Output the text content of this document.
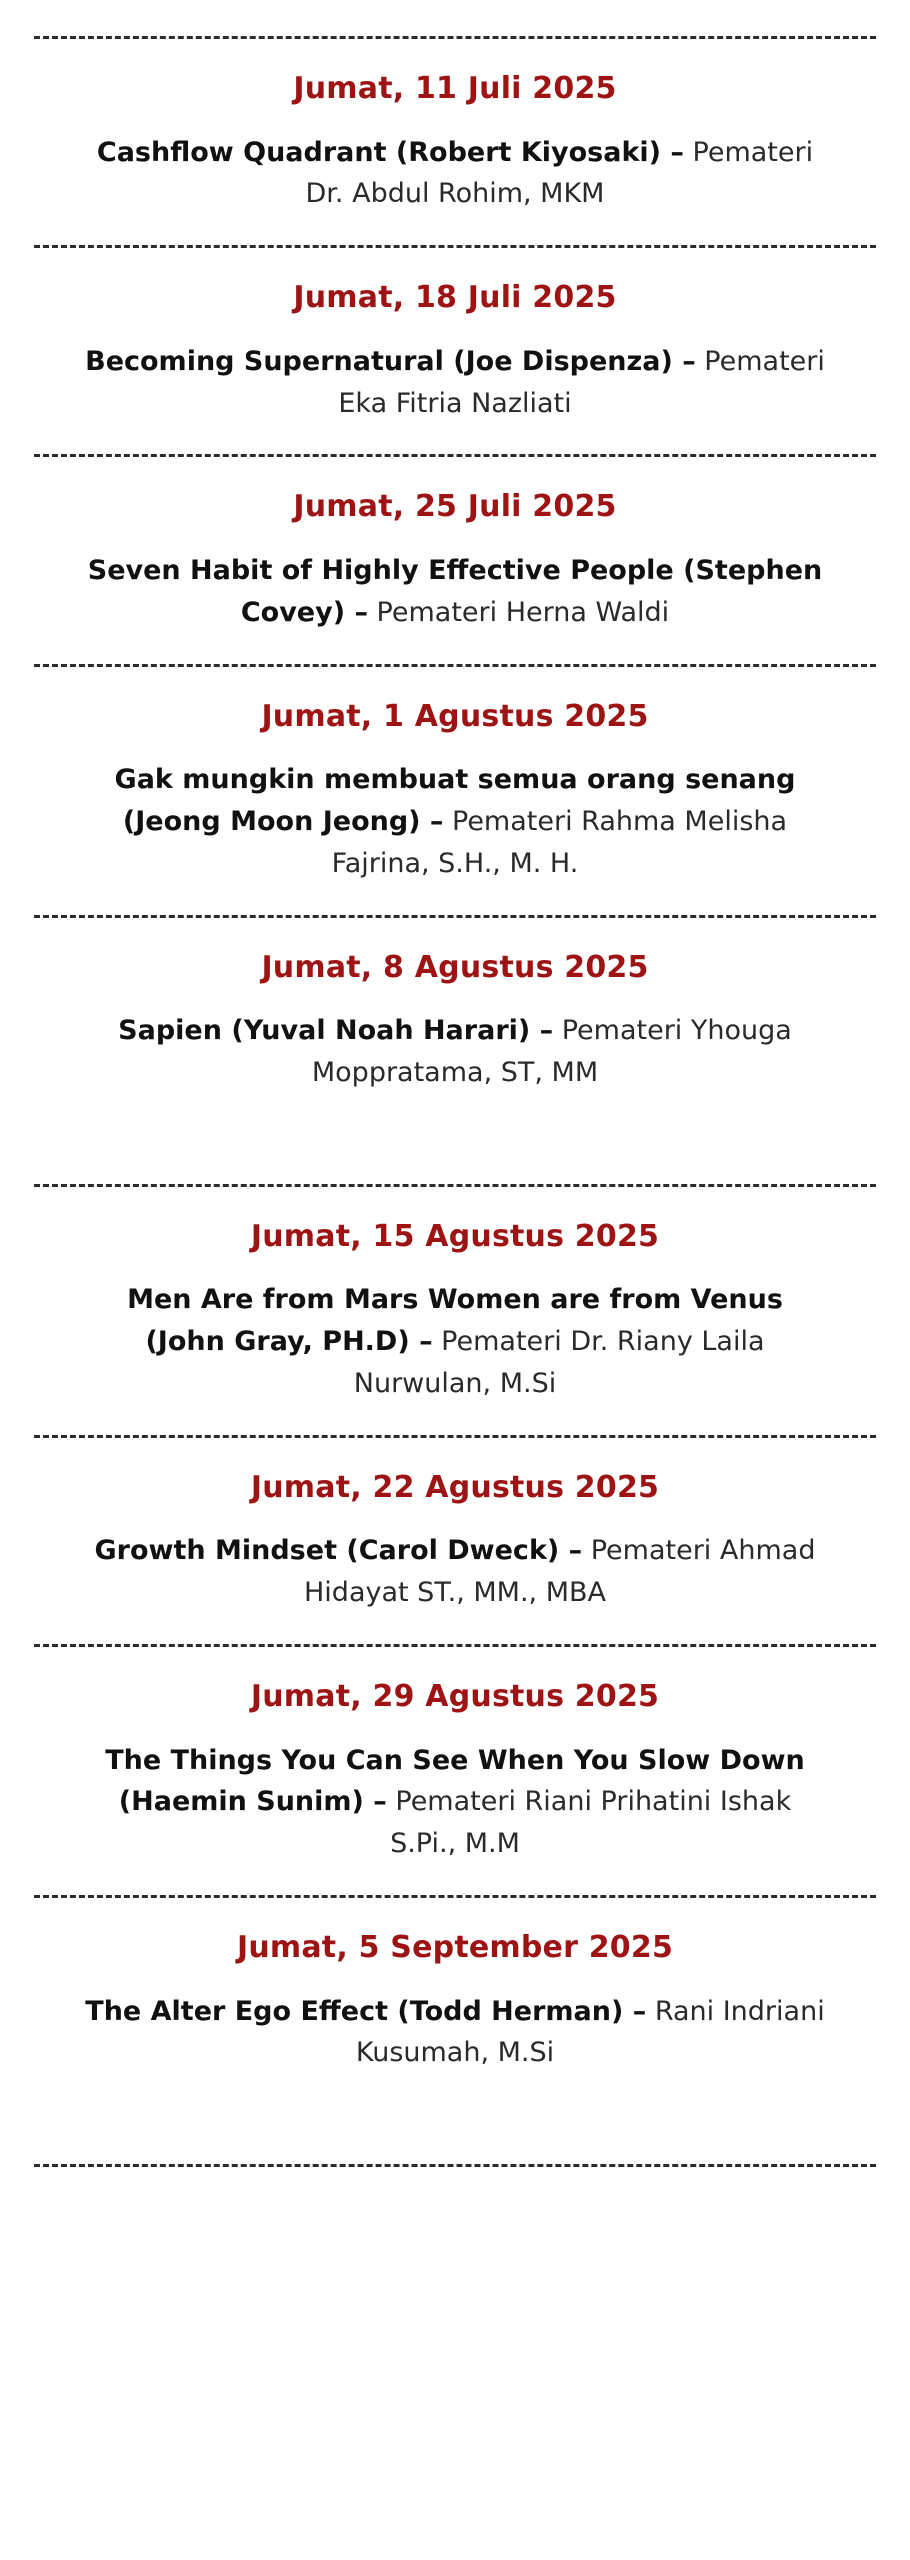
Jumat, 11 Juli 2025
Cashflow Quadrant (Robert Kiyosaki) – Pemateri Dr. Abdul Rohim, MKM
Jumat, 18 Juli 2025
Becoming Supernatural (Joe Dispenza) – Pemateri Eka Fitria Nazliati
Jumat, 25 Juli 2025
Seven Habit of Highly Effective People (Stephen Covey) – Pemateri Herna Waldi
Jumat, 1 Agustus 2025
Gak mungkin membuat semua orang senang (Jeong Moon Jeong) – Pemateri Rahma Melisha Fajrina, S.H., M. H.
Jumat, 8 Agustus 2025
Sapien (Yuval Noah Harari) – Pemateri Yhouga Moppratama, ST, MM
Jumat, 15 Agustus 2025
Men Are from Mars Women are from Venus (John Gray, PH.D) – Pemateri Dr. Riany Laila Nurwulan, M.Si
Jumat, 22 Agustus 2025
Growth Mindset (Carol Dweck) – Pemateri Ahmad Hidayat ST., MM., MBA
Jumat, 29 Agustus 2025
The Things You Can See When You Slow Down (Haemin Sunim) – Pemateri Riani Prihatini Ishak S.Pi., M.M
Jumat, 5 September 2025
The Alter Ego Effect (Todd Herman) – Rani Indriani Kusumah, M.Si
